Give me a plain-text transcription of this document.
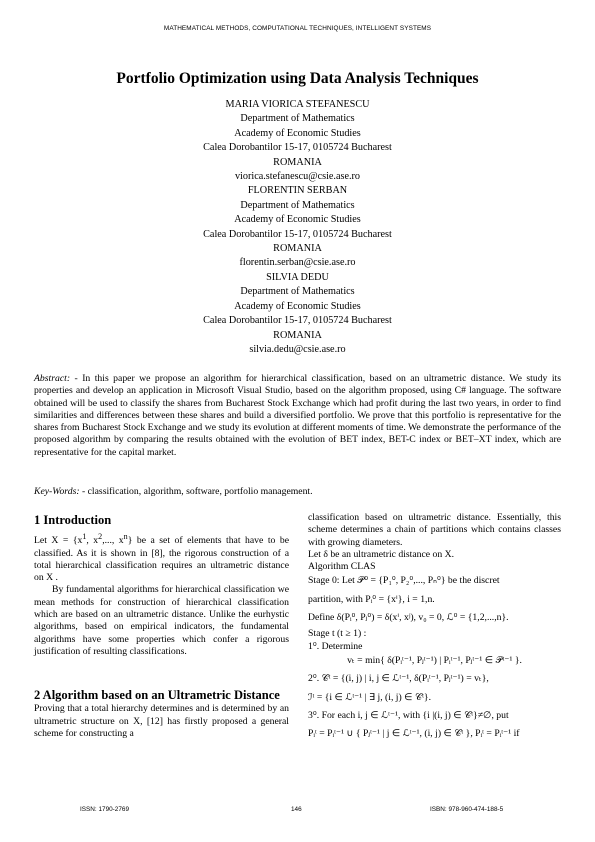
MATHEMATICAL METHODS, COMPUTATIONAL TECHNIQUES, INTELLIGENT SYSTEMS
Portfolio Optimization using Data Analysis Techniques
MARIA VIORICA STEFANESCU
Department of Mathematics
Academy of Economic Studies
Calea Dorobantilor 15-17, 0105724 Bucharest
ROMANIA
viorica.stefanescu@csie.ase.ro
FLORENTIN SERBAN
Department of Mathematics
Academy of Economic Studies
Calea Dorobantilor 15-17, 0105724 Bucharest
ROMANIA
florentin.serban@csie.ase.ro
SILVIA DEDU
Department of Mathematics
Academy of Economic Studies
Calea Dorobantilor 15-17, 0105724 Bucharest
ROMANIA
silvia.dedu@csie.ase.ro
Abstract: - In this paper we propose an algorithm for hierarchical classification, based on an ultrametric distance. We study its properties and develop an application in Microsoft Visual Studio, based on the algorithm proposed, using C# language. The software obtained will be used to classify the shares from Bucharest Stock Exchange which had profit during the last two years, in order to find similarities and differences between these shares and build a diversified portfolio. We prove that this portfolio is representative for the shares from Bucharest Stock Exchange and we study its evolution at different moments of time. We demonstrate the performance of the proposed algorithm by comparing the results obtained with the evolution of BET index, BET-C index or BET–XT index, which are representative for the capital market.
Key-Words: - classification, algorithm, software, portfolio management.
1 Introduction
Let $X = \{x^1$, $x^2$,..., $x^n$} be a set of elements that have to be classified. As it is shown in [8], the rigorous construction of a total hierarchical classification requires an ultrametric distance on X .
By fundamental algorithms for hierarchical classification we mean methods for construction of hierarchical classification which are based on an ultrametric distance. Unlike the eurhystic algorithms, based on empirical indicators, the fundamental algorithms have some properties which confer a rigorous justification of resulting classifications.
2 Algorithm based on an Ultrametric Distance
Proving that a total hierarchy determines and is determined by an ultrametric structure on X, [12] has firstly proposed a general scheme for constructing a
classification based on ultrametric distance. Essentially, this scheme determines a chain of partitions which contains classes with growing diameters.
Let δ be an ultrametric distance on X.
Algorithm CLAS
Stage 0: Let 𝒫⁰ = {P₁⁰, P₂⁰,..., Pₙ⁰} be the discret
partition, with Pᵢ⁰ = {xⁱ}, i = 1,n.
Define δ(Pᵢ⁰, Pⱼ⁰) = δ(xⁱ, xʲ), v₀ = 0, ℒ⁰ = {1,2,...,n}.
Stage t (t ≥ 1) :
1⁰. Determine
vₜ = min{ δ(Pᵢᵗ⁻¹, Pⱼᵗ⁻¹) | Pᵢᵗ⁻¹, Pⱼᵗ⁻¹ ∈ 𝒫ᵗ⁻¹ }.
2⁰. 𝒞ᵗ = {(i, j) | i, j ∈ ℒᵗ⁻¹, δ(Pᵢᵗ⁻¹, Pⱼᵗ⁻¹) = vₜ},
ℐᵗ = {i ∈ ℒᵗ⁻¹ | ∃ j, (i, j) ∈ 𝒞ᵗ}.
3⁰. For each i, j ∈ ℒᵗ⁻¹, with {i |(i, j) ∈ 𝒞ᵗ}≠∅, put
Pᵢᵗ = Pᵢᵗ⁻¹ ∪ { Pⱼᵗ⁻¹ | j ∈ ℒᵗ⁻¹, (i, j) ∈ 𝒞ᵗ }, Pᵢᵗ = Pᵢᵗ⁻¹ if
ISSN: 1790-2769	146	ISBN: 978-960-474-188-5
